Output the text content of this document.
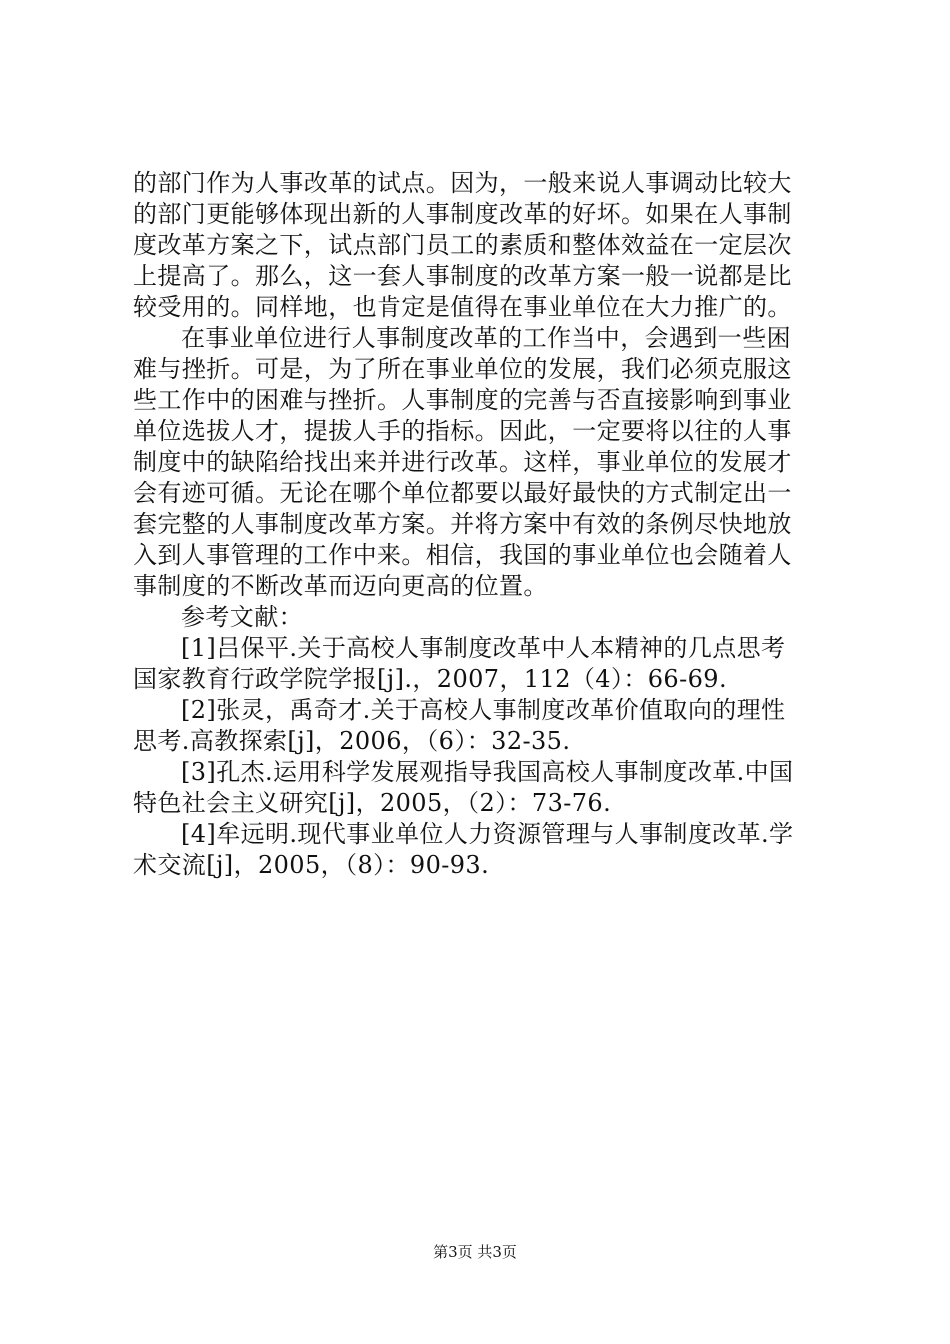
的部门作为人事改革的试点。因为，一般来说人事调动比较大
的部门更能够体现出新的人事制度改革的好坏。如果在人事制
度改革方案之下，试点部门员工的素质和整体效益在一定层次
上提高了。那么，这一套人事制度的改革方案一般一说都是比
较受用的。同样地，也肯定是值得在事业单位在大力推广的。
在事业单位进行人事制度改革的工作当中，会遇到一些困
难与挫折。可是，为了所在事业单位的发展，我们必须克服这
些工作中的困难与挫折。人事制度的完善与否直接影响到事业
单位选拔人才，提拔人手的指标。因此，一定要将以往的人事
制度中的缺陷给找出来并进行改革。这样，事业单位的发展才
会有迹可循。无论在哪个单位都要以最好最快的方式制定出一
套完整的人事制度改革方案。并将方案中有效的条例尽快地放
入到人事管理的工作中来。相信，我国的事业单位也会随着人
事制度的不断改革而迈向更高的位置。
参考文献：
[1]吕保平.关于高校人事制度改革中人本精神的几点思考
国家教育行政学院学报[j].，2007，112（4）：66-69.
[2]张灵，禹奇才.关于高校人事制度改革价值取向的理性
思考.高教探索[j]，2006，（6）：32-35.
[3]孔杰.运用科学发展观指导我国高校人事制度改革.中国
特色社会主义研究[j]，2005，（2）：73-76.
[4]牟远明.现代事业单位人力资源管理与人事制度改革.学
术交流[j]，2005，（8）：90-93.
第3页 共3页
